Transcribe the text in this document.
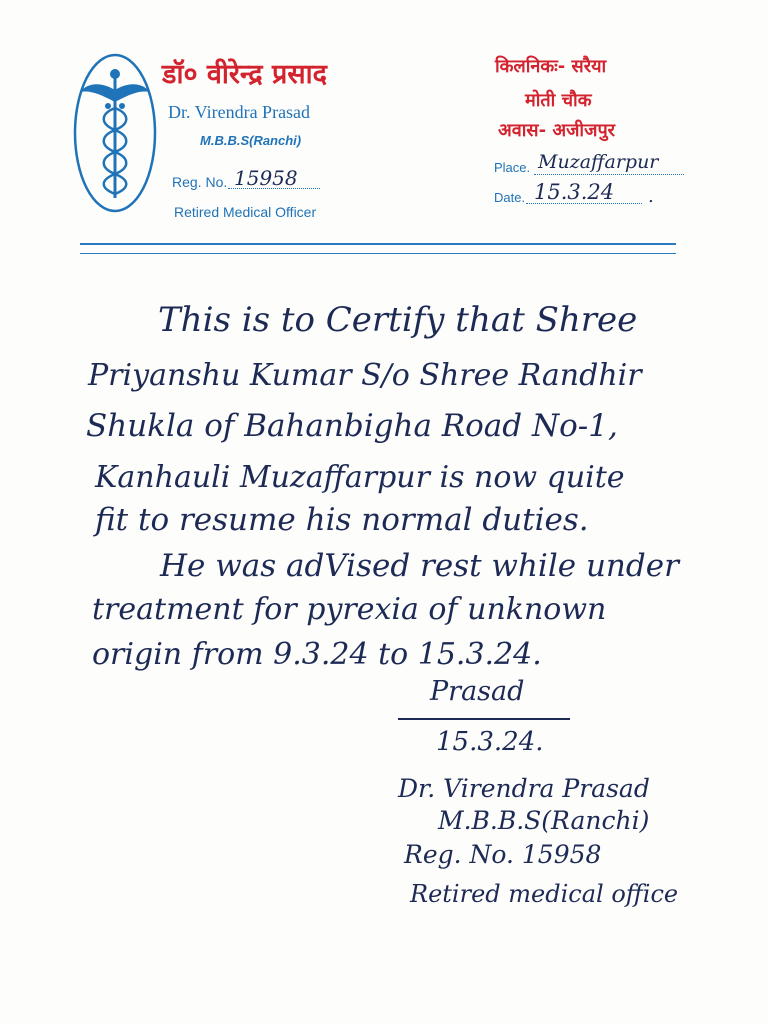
डॉ० वीरेन्द्र प्रसाद
Dr. Virendra Prasad
M.B.B.S(Ranchi)
Reg. No. 15958
Retired Medical Officer
किलनिकः- सरैया
मोती चौक
अवास- अजीजपुर
Place. Muzaffarpur
Date. 15.3.24 .
This is to Certify that Shree
Priyanshu Kumar S/o Shree Randhir
Shukla of Bahanbigha Road No-1,
Kanhauli Muzaffarpur is now quite
fit to resume his normal duties.
He was adVised rest while under
treatment for pyrexia of unknown
origin from 9.3.24 to 15.3.24.
Prasad
15.3.24.
Dr. Virendra Prasad
M.B.B.S(Ranchi)
Reg. No. 15958
Retired medical office
